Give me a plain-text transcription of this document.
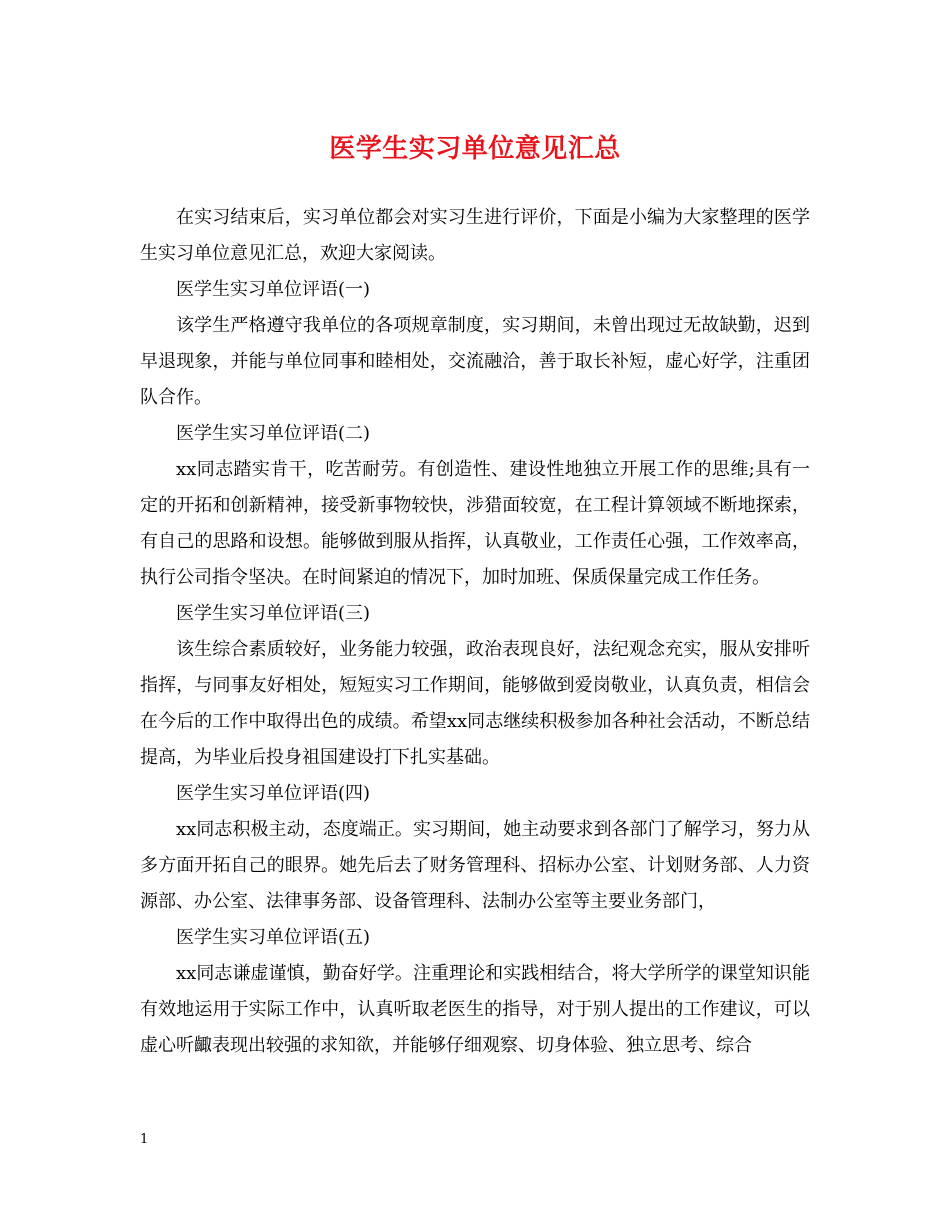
医学生实习单位意见汇总

在实习结束后，实习单位都会对实习生进行评价，下面是小编为大家整理的医学生实习单位意见汇总，欢迎大家阅读。

医学生实习单位评语(一)

该学生严格遵守我单位的各项规章制度，实习期间，未曾出现过无故缺勤，迟到早退现象，并能与单位同事和睦相处，交流融洽，善于取长补短，虚心好学，注重团队合作。

医学生实习单位评语(二)

xx同志踏实肯干，吃苦耐劳。有创造性、建设性地独立开展工作的思维;具有一定的开拓和创新精神，接受新事物较快，涉猎面较宽，在工程计算领域不断地探索，有自己的思路和设想。能够做到服从指挥，认真敬业，工作责任心强，工作效率高，执行公司指令坚决。在时间紧迫的情况下，加时加班、保质保量完成工作任务。

医学生实习单位评语(三)

该生综合素质较好，业务能力较强，政治表现良好，法纪观念充实，服从安排听指挥，与同事友好相处，短短实习工作期间，能够做到爱岗敬业，认真负责，相信会在今后的工作中取得出色的成绩。希望xx同志继续积极参加各种社会活动，不断总结提高，为毕业后投身祖国建设打下扎实基础。

医学生实习单位评语(四)

xx同志积极主动，态度端正。实习期间，她主动要求到各部门了解学习，努力从多方面开拓自己的眼界。她先后去了财务管理科、招标办公室、计划财务部、人力资源部、办公室、法律事务部、设备管理科、法制办公室等主要业务部门，

医学生实习单位评语(五)

xx同志谦虚谨慎，勤奋好学。注重理论和实践相结合，将大学所学的课堂知识能有效地运用于实际工作中，认真听取老医生的指导，对于别人提出的工作建议，可以虚心听齱表现出较强的求知欲，并能够仔细观察、切身体验、独立思考、综合

1
